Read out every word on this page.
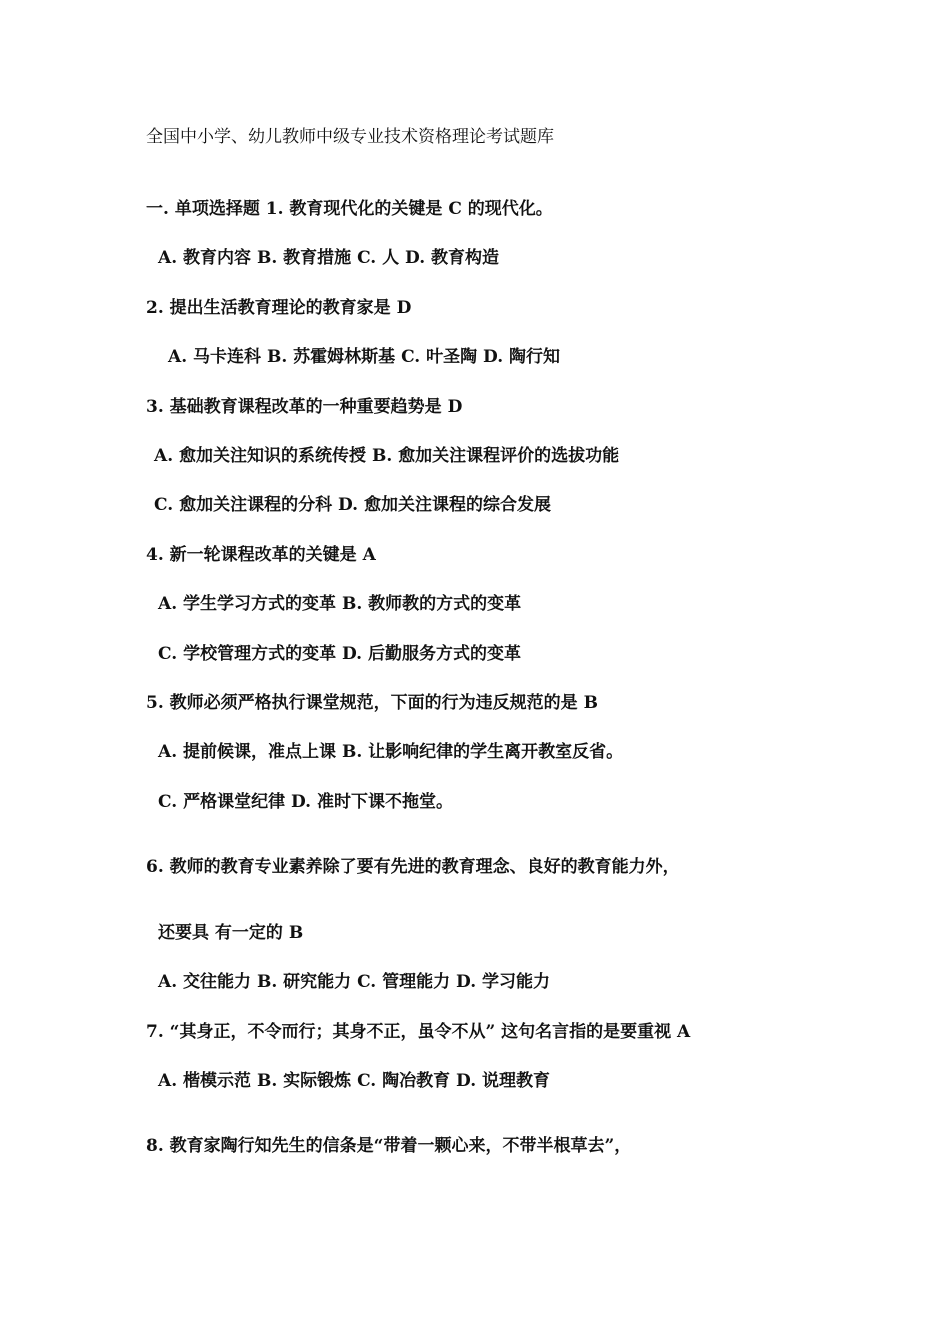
全国中小学、幼儿教师中级专业技术资格理论考试题库
一. 单项选择题 1. 教育现代化的关键是 C 的现代化。
A. 教育内容 B. 教育措施 C. 人 D. 教育构造
2. 提出生活教育理论的教育家是 D
A. 马卡连科 B. 苏霍姆林斯基 C. 叶圣陶 D. 陶行知
3. 基础教育课程改革的一种重要趋势是 D
A. 愈加关注知识的系统传授 B. 愈加关注课程评价的选拔功能
C. 愈加关注课程的分科 D. 愈加关注课程的综合发展
4. 新一轮课程改革的关键是 A
A. 学生学习方式的变革 B. 教师教的方式的变革
C. 学校管理方式的变革 D. 后勤服务方式的变革
5. 教师必须严格执行课堂规范，下面的行为违反规范的是 B
A. 提前候课，准点上课 B. 让影响纪律的学生离开教室反省。
C. 严格课堂纪律 D. 准时下课不拖堂。
6. 教师的教育专业素养除了要有先进的教育理念、良好的教育能力外，
还要具 有一定的 B
A. 交往能力 B. 研究能力 C. 管理能力 D. 学习能力
7. “其身正，不令而行；其身不正，虽令不从” 这句名言指的是要重视 A
A. 楷模示范 B. 实际锻炼 C. 陶冶教育 D. 说理教育
8. 教育家陶行知先生的信条是“带着一颗心来，不带半根草去”，
